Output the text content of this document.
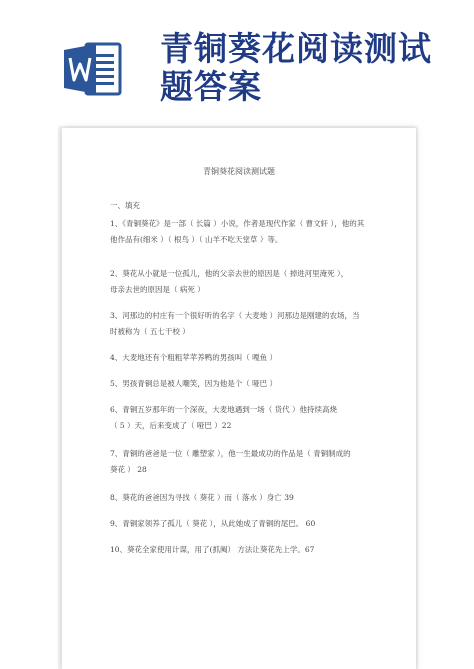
青铜葵花阅读测试题答案
青铜葵花阅读测试题
一、填充
1、《青铜葵花》是一部（ 长篇 ）小说，作者是现代作家（ 曹文轩 ），他的其
他作品有(细米 ）（ 根鸟 ）（ 山羊不吃天堂草 ）等。
2、葵花从小就是一位孤儿，他的父亲去世的原因是（ 掉进河里淹死 ），
母亲去世的原因是（ 病死 ）
3、河那边的村庄有一个很好听的名字（ 大麦地 ）河那边是刚建的农场，当
时被称为（ 五七干校 ）
4、大麦地还有个粗粗苹苹养鸭的男孩叫（ 嘎鱼 ）
5、男孩青铜总是被人嘲笑，因为他是个（ 哑巴 ）
6、青铜五岁那年的一个深夜，大麦地遇到一场（ 货代 ）他持续高烧
（ 5 ）天，后来变成了（ 哑巴 ）22
7、青铜的爸爸是一位（ 雕塑家 ），他一生最成功的作品是（ 青铜制成的
葵花 ） 28
8、葵花的爸爸因为寻找（ 葵花 ）而（ 落水 ）身亡 39
9、青铜家领养了孤儿（ 葵花 ），从此她成了青铜的尾巴。 60
10、葵花全家使用计谋，用了(抓阄） 方法让葵花先上学。67
